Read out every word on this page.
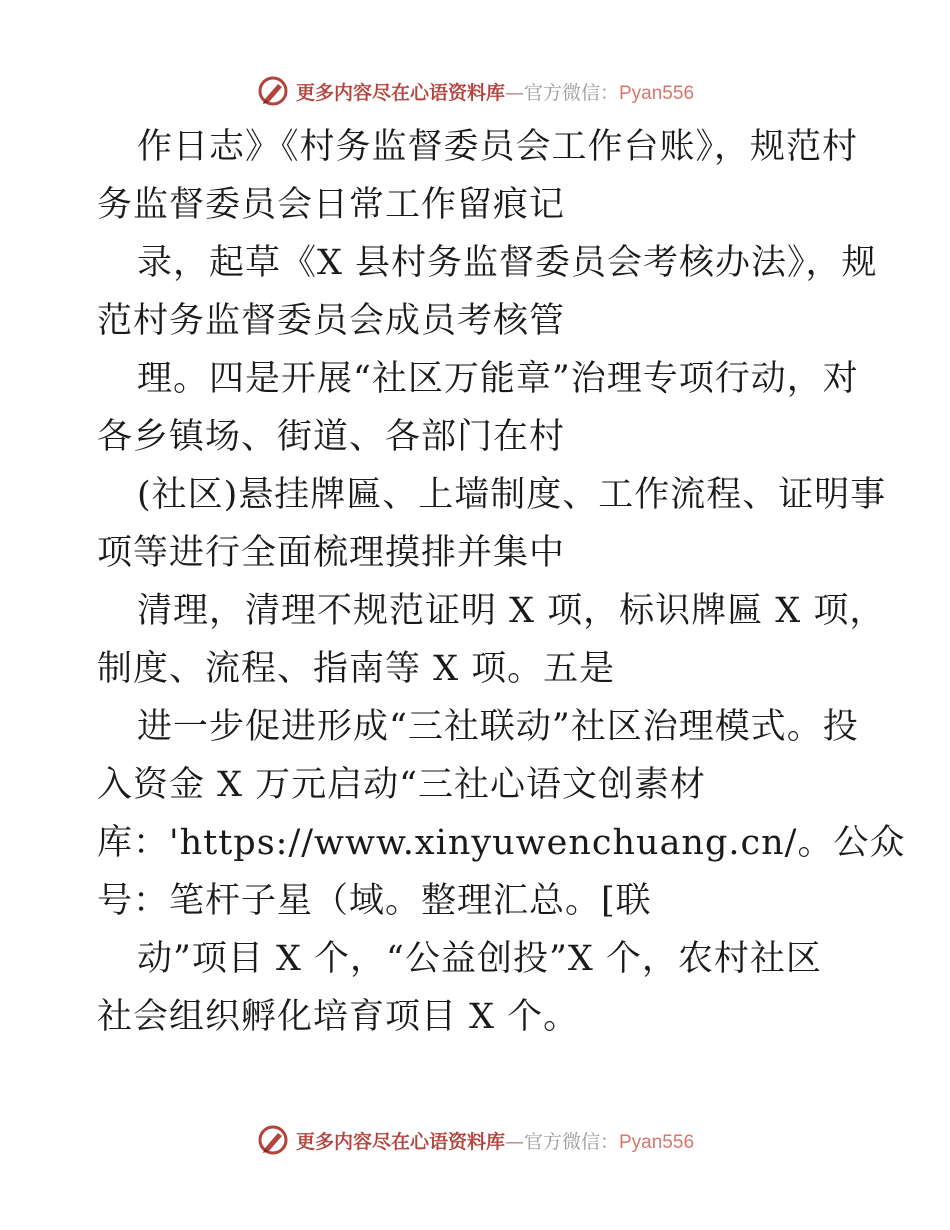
更多内容尽在心语资料库—官方微信：Pyan556
作日志》《村务监督委员会工作台账》，规范村
务监督委员会日常工作留痕记
录，起草《X 县村务监督委员会考核办法》，规
范村务监督委员会成员考核管
理。四是开展“社区万能章”治理专项行动，对
各乡镇场、街道、各部门在村
(社区)悬挂牌匾、上墙制度、工作流程、证明事
项等进行全面梳理摸排并集中
清理，清理不规范证明 X 项，标识牌匾 X 项，
制度、流程、指南等 X 项。五是
进一步促进形成“三社联动”社区治理模式。投
入资金 X 万元启动“三社心语文创素材
库：'https://www.xinyuwenchuang.cn/。公众
号：笔杆子星（域。整理汇总。[联
动”项目 X 个，“公益创投”X 个，农村社区
社会组织孵化培育项目 X 个。
更多内容尽在心语资料库—官方微信：Pyan556
